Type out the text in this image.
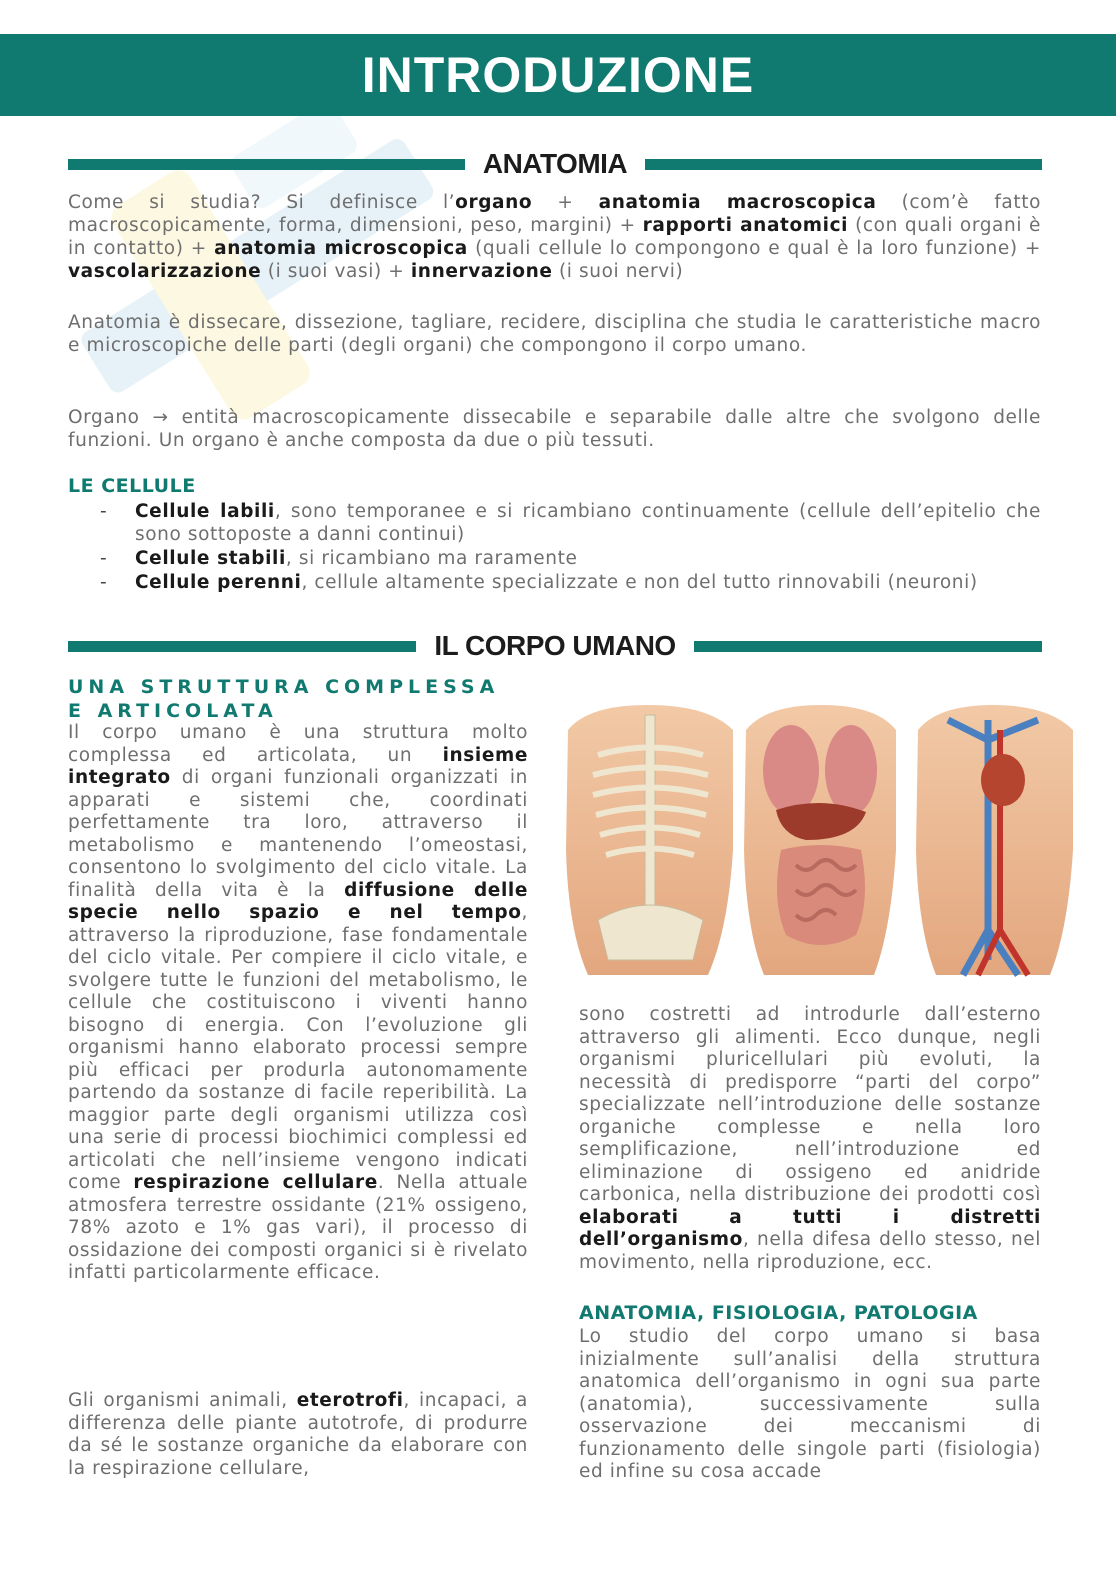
INTRODUZIONE
ANATOMIA

Come si studia? Si definisce l’organo + anatomia macroscopica (com’è fatto macroscopicamente, forma, dimensioni, peso, margini) + rapporti anatomici (con quali organi è in contatto) + anatomia microscopica (quali cellule lo compongono e qual è la loro funzione) + vascolarizzazione (i suoi vasi) + innervazione (i suoi nervi)

Anatomia è dissecare, dissezione, tagliare, recidere, disciplina che studia le caratteristiche macro e microscopiche delle parti (degli organi) che compongono il corpo umano.

Organo → entità macroscopicamente dissecabile e separabile dalle altre che svolgono delle funzioni. Un organo è anche composta da due o più tessuti.

LE CELLULE
- Cellule labili, sono temporanee e si ricambiano continuamente (cellule dell’epitelio che sono sottoposte a danni continui)
- Cellule stabili, si ricambiano ma raramente
- Cellule perenni, cellule altamente specializzate e non del tutto rinnovabili (neuroni)
IL CORPO UMANO
UNA STRUTTURA COMPLESSA E ARTICOLATA

Il corpo umano è una struttura molto complessa ed articolata, un insieme integrato di organi funzionali organizzati in apparati e sistemi che, coordinati perfettamente tra loro, attraverso il metabolismo e mantenendo l’omeostasi, consentono lo svolgimento del ciclo vitale. La finalità della vita è la diffusione delle specie nello spazio e nel tempo, attraverso la riproduzione, fase fondamentale del ciclo vitale. Per compiere il ciclo vitale, e svolgere tutte le funzioni del metabolismo, le cellule che costituiscono i viventi hanno bisogno di energia. Con l’evoluzione gli organismi hanno elaborato processi sempre più efficaci per produrla autonomamente partendo da sostanze di facile reperibilità. La maggior parte degli organismi utilizza così una serie di processi biochimici complessi ed articolati che nell’insieme vengono indicati come respirazione cellulare. Nella attuale atmosfera terrestre ossidante (21% ossigeno, 78% azoto e 1% gas vari), il processo di ossidazione dei composti organici si è rivelato infatti particolarmente efficace.

Gli organismi animali, eterotrofi, incapaci, a differenza delle piante autotrofe, di produrre da sé le sostanze organiche da elaborare con la respirazione cellulare,

sono costretti ad introdurle dall’esterno attraverso gli alimenti. Ecco dunque, negli organismi pluricellulari più evoluti, la necessità di predisporre “parti del corpo” specializzate nell’introduzione delle sostanze organiche complesse e nella loro semplificazione, nell’introduzione ed eliminazione di ossigeno ed anidride carbonica, nella distribuzione dei prodotti così elaborati a tutti i distretti dell’organismo, nella difesa dello stesso, nel movimento, nella riproduzione, ecc.

ANATOMIA, FISIOLOGIA, PATOLOGIA

Lo studio del corpo umano si basa inizialmente sull’analisi della struttura anatomica dell’organismo in ogni sua parte (anatomia), successivamente sulla osservazione dei meccanismi di funzionamento delle singole parti (fisiologia) ed infine su cosa accade
